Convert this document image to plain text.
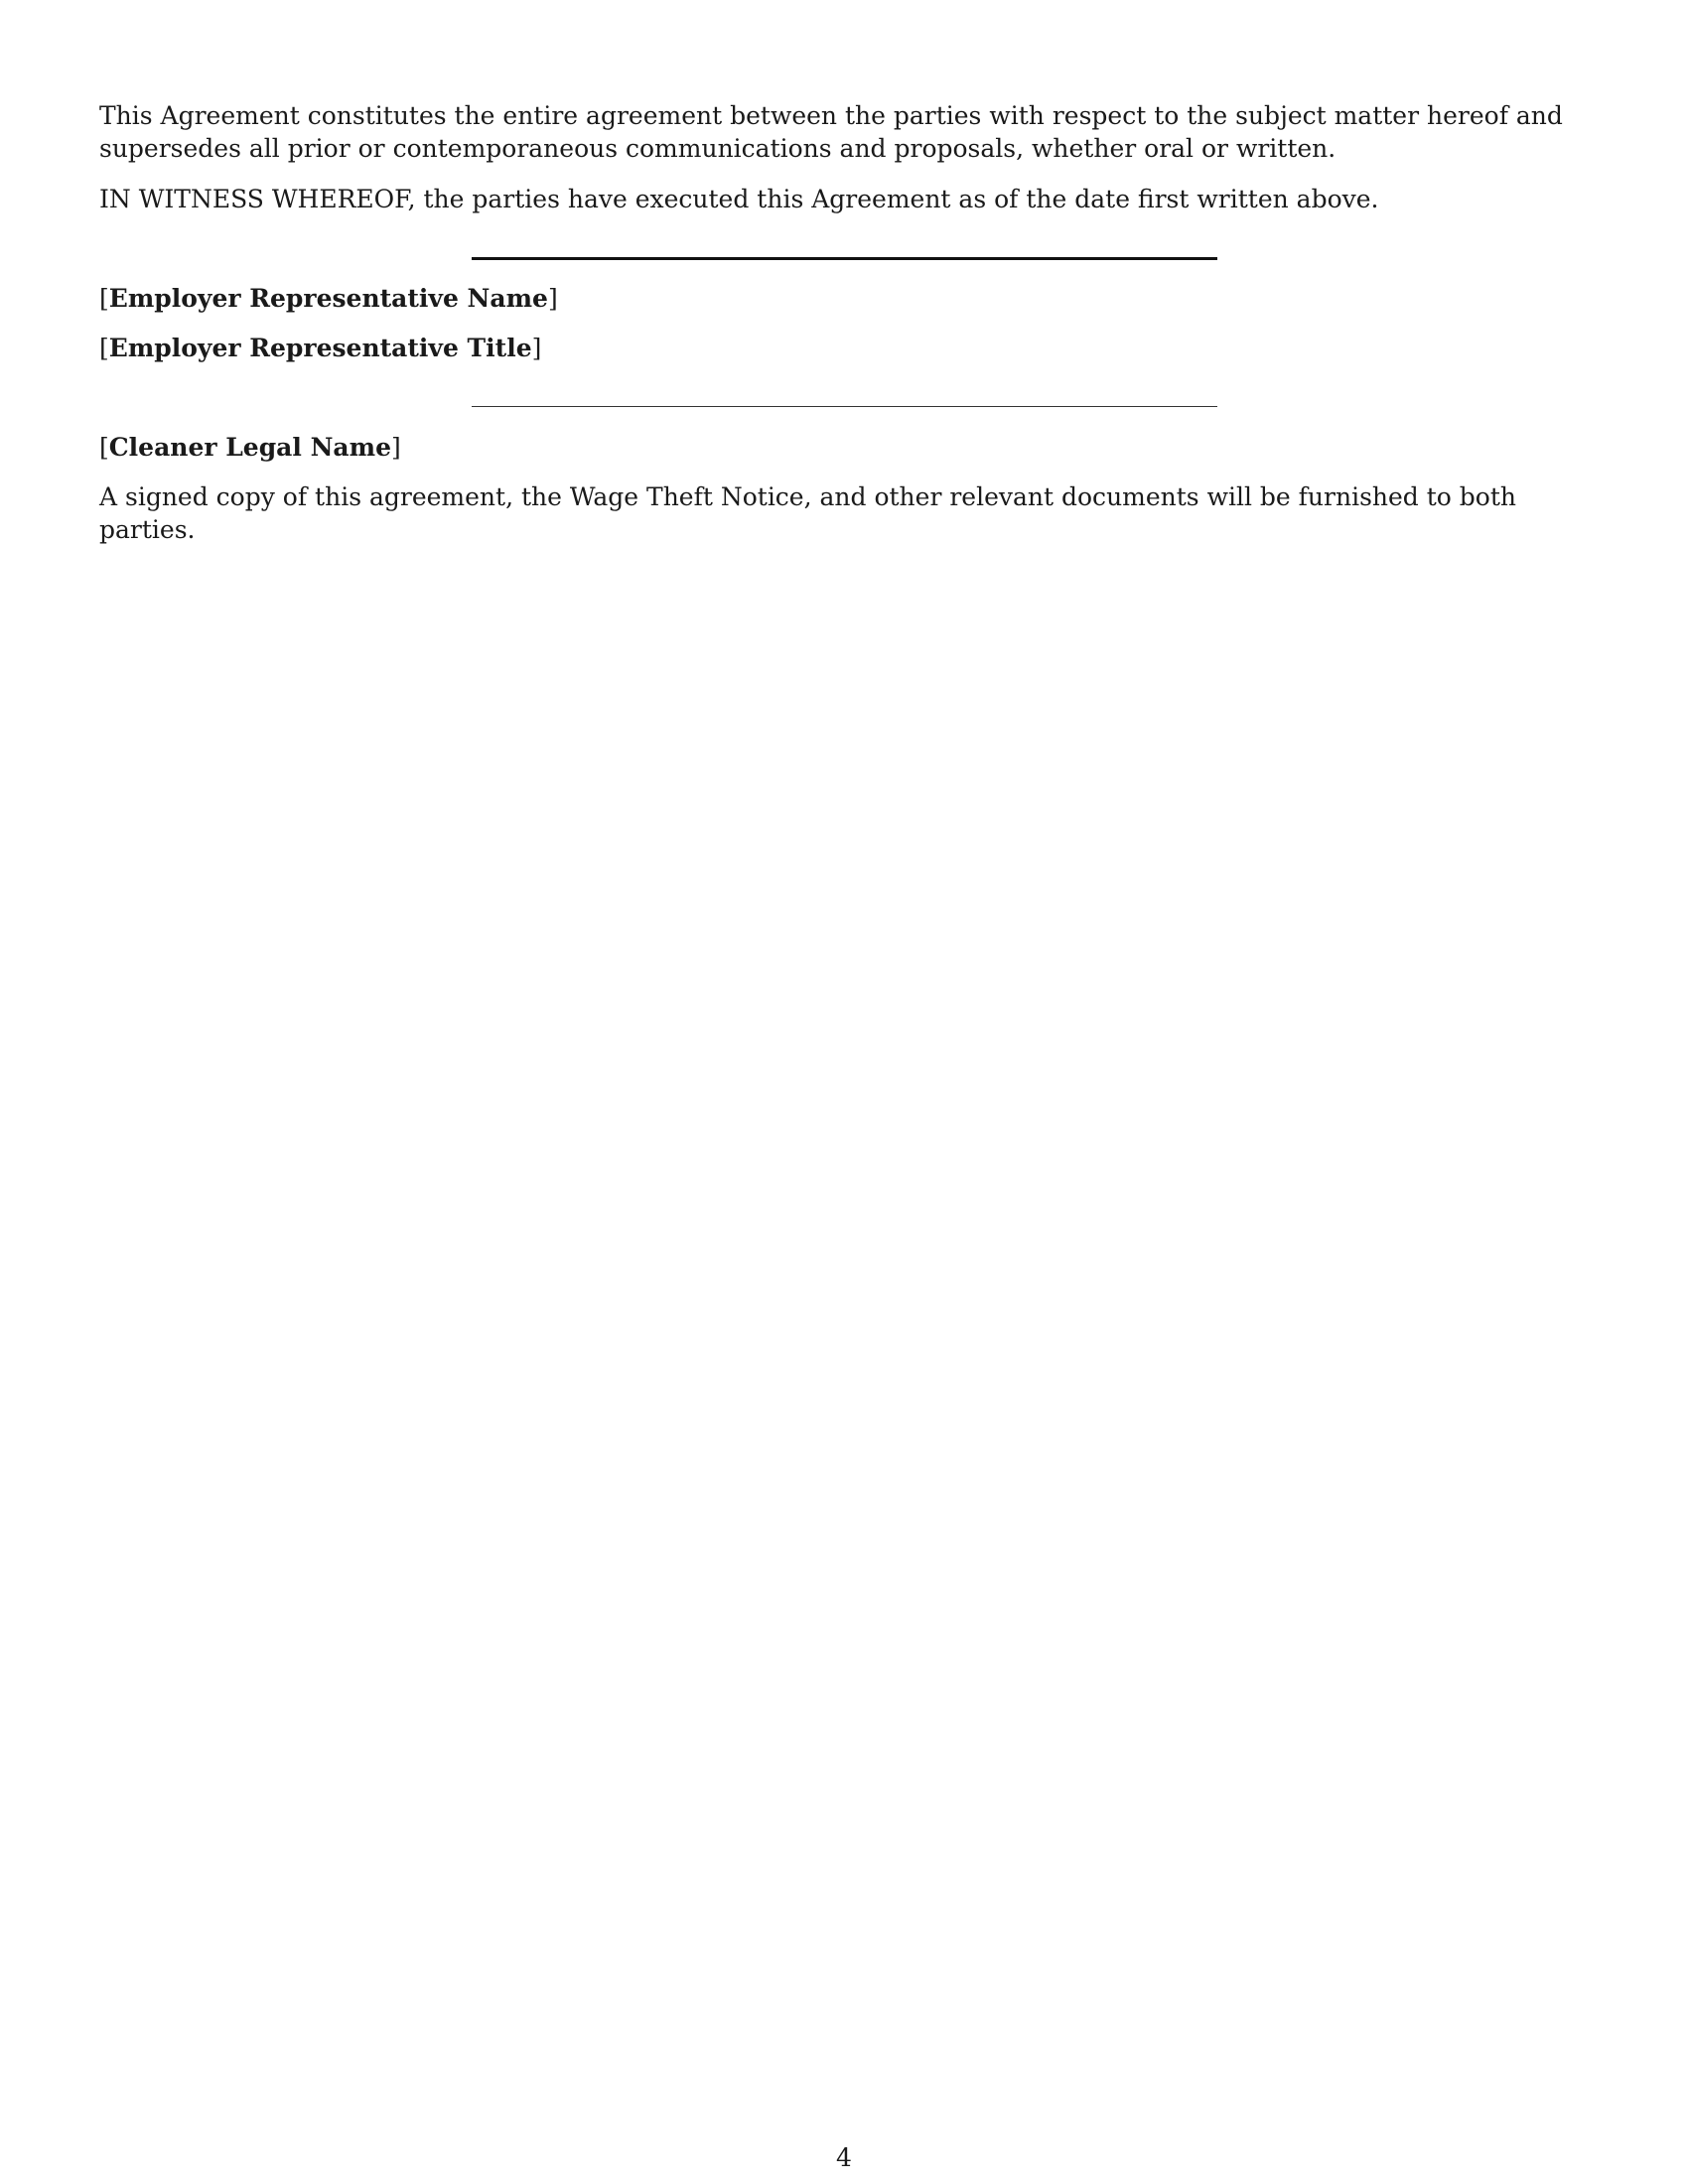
This Agreement constitutes the entire agreement between the parties with respect to the subject matter hereof and supersedes all prior or contemporaneous communications and proposals, whether oral or written.

IN WITNESS WHEREOF, the parties have executed this Agreement as of the date first written above.

[Employer Representative Name]

[Employer Representative Title]

[Cleaner Legal Name]

A signed copy of this agreement, the Wage Theft Notice, and other relevant documents will be furnished to both parties.

4
